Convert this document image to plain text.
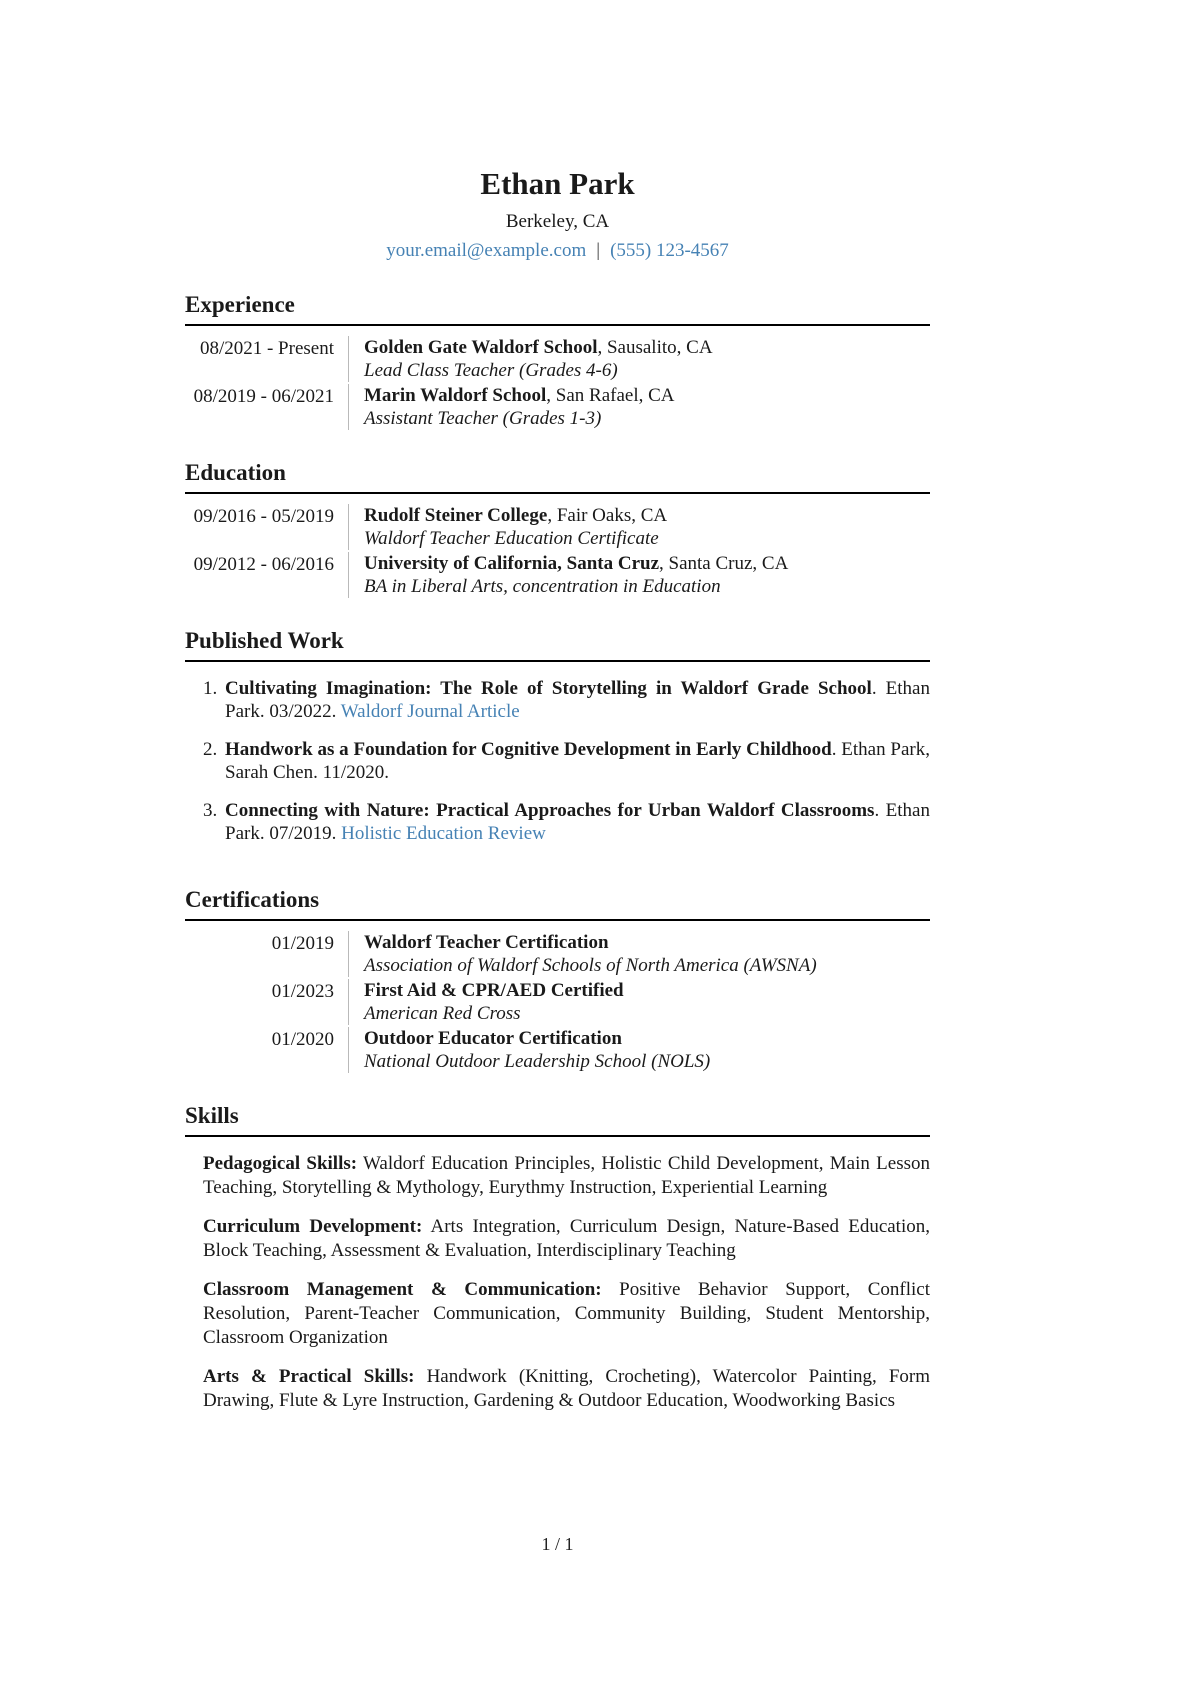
Ethan Park
Berkeley, CA
your.email@example.com | (555) 123-4567
Experience
08/2021 - Present	Golden Gate Waldorf School, Sausalito, CA
Lead Class Teacher (Grades 4-6)
08/2019 - 06/2021	Marin Waldorf School, San Rafael, CA
Assistant Teacher (Grades 1-3)
Education
09/2016 - 05/2019	Rudolf Steiner College, Fair Oaks, CA
Waldorf Teacher Education Certificate
09/2012 - 06/2016	University of California, Santa Cruz, Santa Cruz, CA
BA in Liberal Arts, concentration in Education
Published Work
1. Cultivating Imagination: The Role of Storytelling in Waldorf Grade School. Ethan Park. 03/2022. Waldorf Journal Article
2. Handwork as a Foundation for Cognitive Development in Early Childhood. Ethan Park, Sarah Chen. 11/2020.
3. Connecting with Nature: Practical Approaches for Urban Waldorf Classrooms. Ethan Park. 07/2019. Holistic Education Review
Certifications
01/2019	Waldorf Teacher Certification
Association of Waldorf Schools of North America (AWSNA)
01/2023	First Aid & CPR/AED Certified
American Red Cross
01/2020	Outdoor Educator Certification
National Outdoor Leadership School (NOLS)
Skills
Pedagogical Skills: Waldorf Education Principles, Holistic Child Development, Main Lesson Teaching, Storytelling & Mythology, Eurythmy Instruction, Experiential Learning
Curriculum Development: Arts Integration, Curriculum Design, Nature-Based Education, Block Teaching, Assessment & Evaluation, Interdisciplinary Teaching
Classroom Management & Communication: Positive Behavior Support, Conflict Resolution, Parent-Teacher Communication, Community Building, Student Mentorship, Classroom Organization
Arts & Practical Skills: Handwork (Knitting, Crocheting), Watercolor Painting, Form Drawing, Flute & Lyre Instruction, Gardening & Outdoor Education, Woodworking Basics
1 / 1
